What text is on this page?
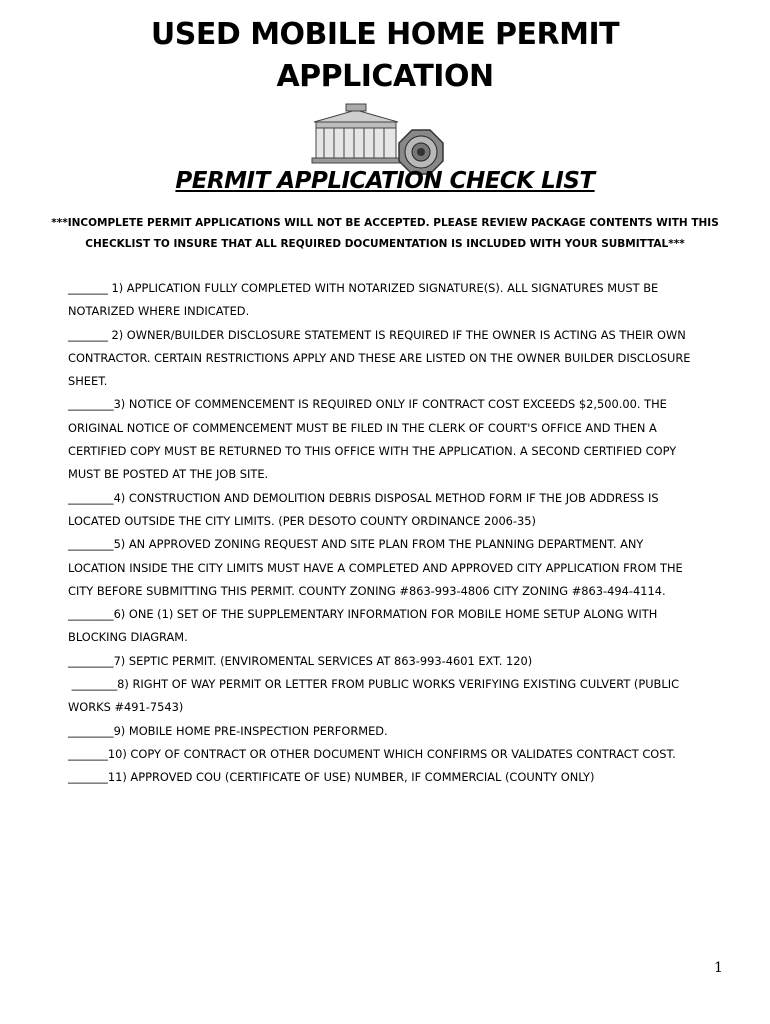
USED MOBILE HOME PERMIT
APPLICATION
PERMIT APPLICATION CHECK LIST
***INCOMPLETE PERMIT APPLICATIONS WILL NOT BE ACCEPTED. PLEASE REVIEW PACKAGE CONTENTS WITH THIS
CHECKLIST TO INSURE THAT ALL REQUIRED DOCUMENTATION IS INCLUDED WITH YOUR SUBMITTAL***
_______ 1) APPLICATION FULLY COMPLETED WITH NOTARIZED SIGNATURE(S). ALL SIGNATURES MUST BE
NOTARIZED WHERE INDICATED.
_______ 2) OWNER/BUILDER DISCLOSURE STATEMENT IS REQUIRED IF THE OWNER IS ACTING AS THEIR OWN
CONTRACTOR. CERTAIN RESTRICTIONS APPLY AND THESE ARE LISTED ON THE OWNER BUILDER DISCLOSURE
SHEET.
________3) NOTICE OF COMMENCEMENT IS REQUIRED ONLY IF CONTRACT COST EXCEEDS $2,500.00. THE
ORIGINAL NOTICE OF COMMENCEMENT MUST BE FILED IN THE CLERK OF COURT'S OFFICE AND THEN A
CERTIFIED COPY MUST BE RETURNED TO THIS OFFICE WITH THE APPLICATION. A SECOND CERTIFIED COPY
MUST BE POSTED AT THE JOB SITE.
________4) CONSTRUCTION AND DEMOLITION DEBRIS DISPOSAL METHOD FORM IF THE JOB ADDRESS IS
LOCATED OUTSIDE THE CITY LIMITS. (PER DESOTO COUNTY ORDINANCE 2006-35)
________5) AN APPROVED ZONING REQUEST AND SITE PLAN FROM THE PLANNING DEPARTMENT. ANY
LOCATION INSIDE THE CITY LIMITS MUST HAVE A COMPLETED AND APPROVED CITY APPLICATION FROM THE
CITY BEFORE SUBMITTING THIS PERMIT. COUNTY ZONING #863-993-4806 CITY ZONING #863-494-4114.
________6) ONE (1) SET OF THE SUPPLEMENTARY INFORMATION FOR MOBILE HOME SETUP ALONG WITH
BLOCKING DIAGRAM.
________7) SEPTIC PERMIT. (ENVIROMENTAL SERVICES AT 863-993-4601 EXT. 120)
________8) RIGHT OF WAY PERMIT OR LETTER FROM PUBLIC WORKS VERIFYING EXISTING CULVERT (PUBLIC
WORKS #491-7543)
________9) MOBILE HOME PRE-INSPECTION PERFORMED.
_______10) COPY OF CONTRACT OR OTHER DOCUMENT WHICH CONFIRMS OR VALIDATES CONTRACT COST.
_______11) APPROVED COU (CERTIFICATE OF USE) NUMBER, IF COMMERCIAL (COUNTY ONLY)
1
